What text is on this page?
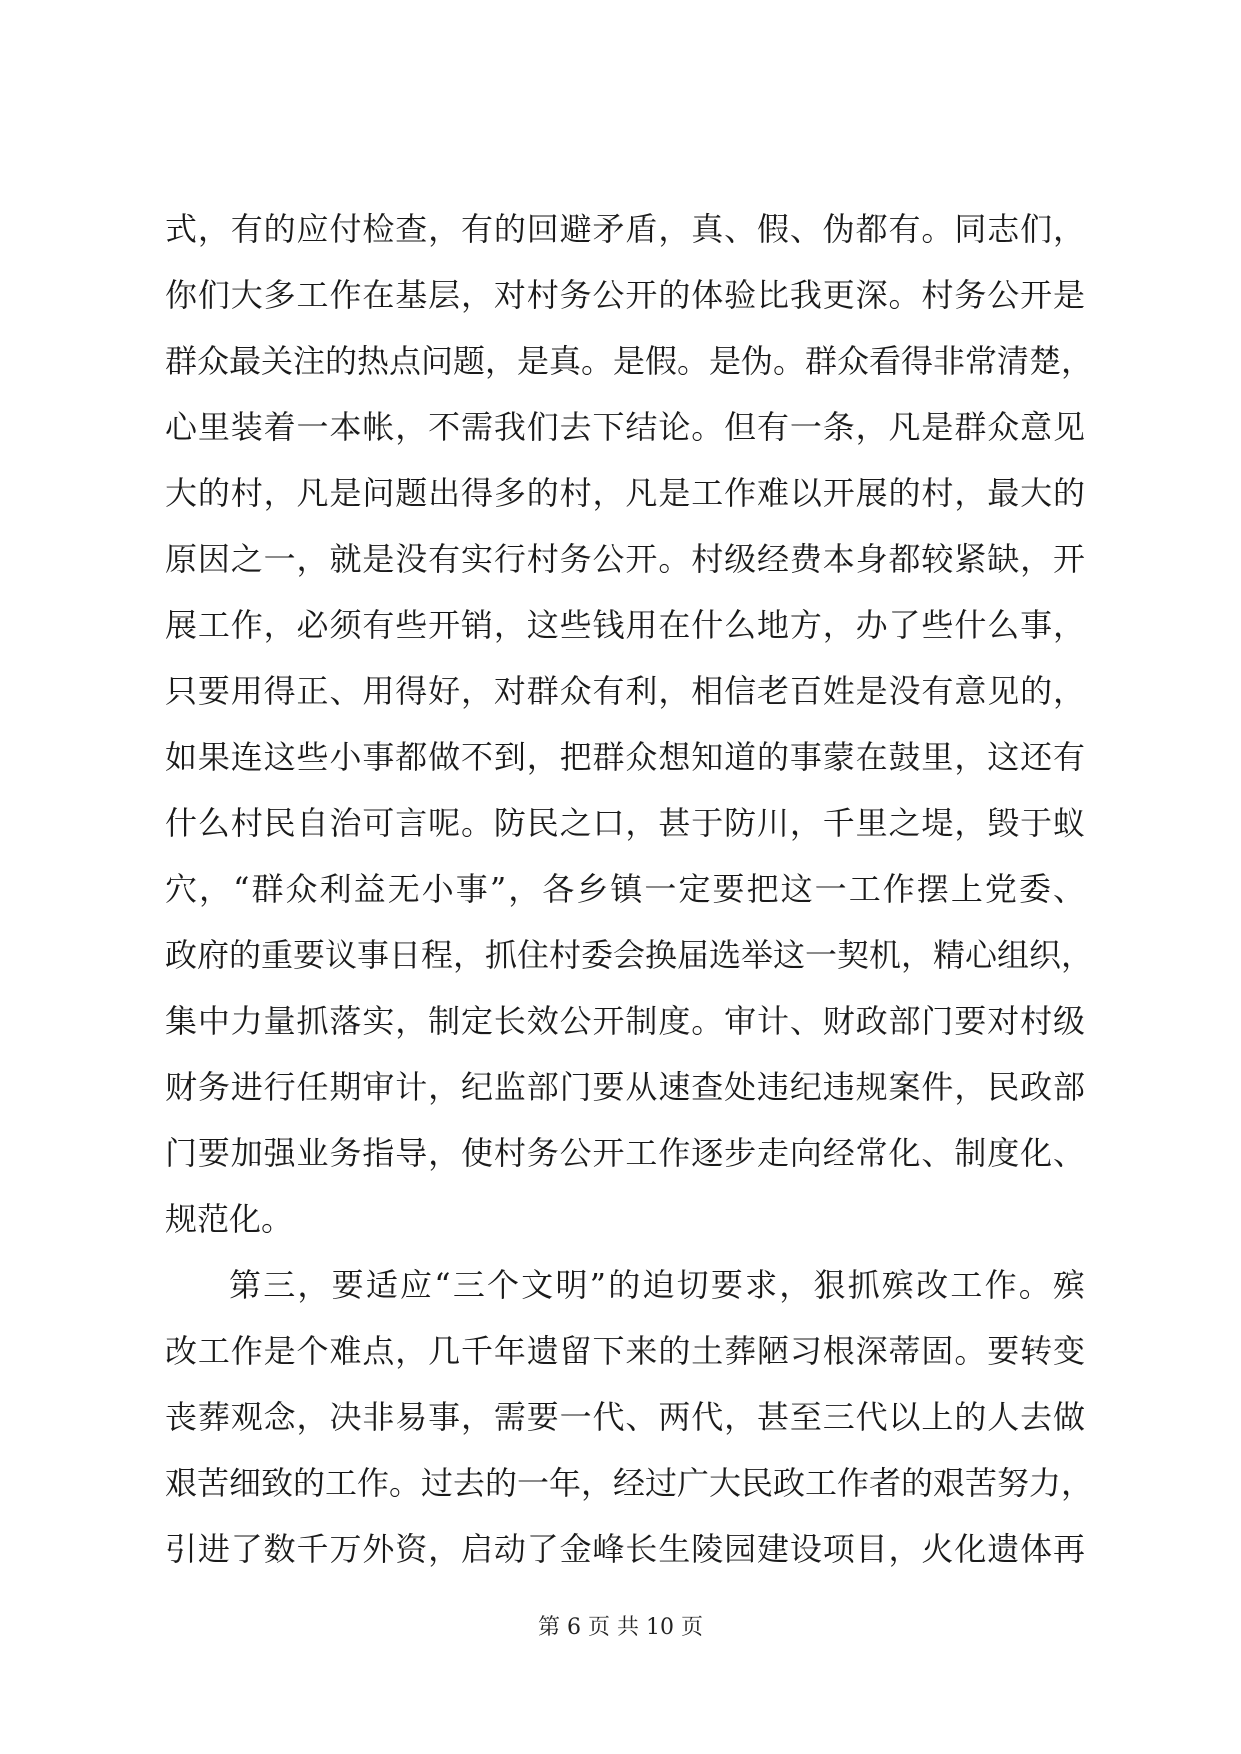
式，有的应付检查，有的回避矛盾，真、假、伪都有。同志们，
你们大多工作在基层，对村务公开的体验比我更深。村务公开是
群众最关注的热点问题，是真。是假。是伪。群众看得非常清楚，
心里装着一本帐，不需我们去下结论。但有一条，凡是群众意见
大的村，凡是问题出得多的村，凡是工作难以开展的村，最大的
原因之一，就是没有实行村务公开。村级经费本身都较紧缺，开
展工作，必须有些开销，这些钱用在什么地方，办了些什么事，
只要用得正、用得好，对群众有利，相信老百姓是没有意见的，
如果连这些小事都做不到，把群众想知道的事蒙在鼓里，这还有
什么村民自治可言呢。防民之口，甚于防川，千里之堤，毁于蚁
穴，“群众利益无小事”，各乡镇一定要把这一工作摆上党委、
政府的重要议事日程，抓住村委会换届选举这一契机，精心组织，
集中力量抓落实，制定长效公开制度。审计、财政部门要对村级
财务进行任期审计，纪监部门要从速查处违纪违规案件，民政部
门要加强业务指导，使村务公开工作逐步走向经常化、制度化、
规范化。
第三，要适应“三个文明”的迫切要求，狠抓殡改工作。殡
改工作是个难点，几千年遗留下来的土葬陋习根深蒂固。要转变
丧葬观念，决非易事，需要一代、两代，甚至三代以上的人去做
艰苦细致的工作。过去的一年，经过广大民政工作者的艰苦努力，
引进了数千万外资，启动了金峰长生陵园建设项目，火化遗体再
第 6 页 共 10 页
